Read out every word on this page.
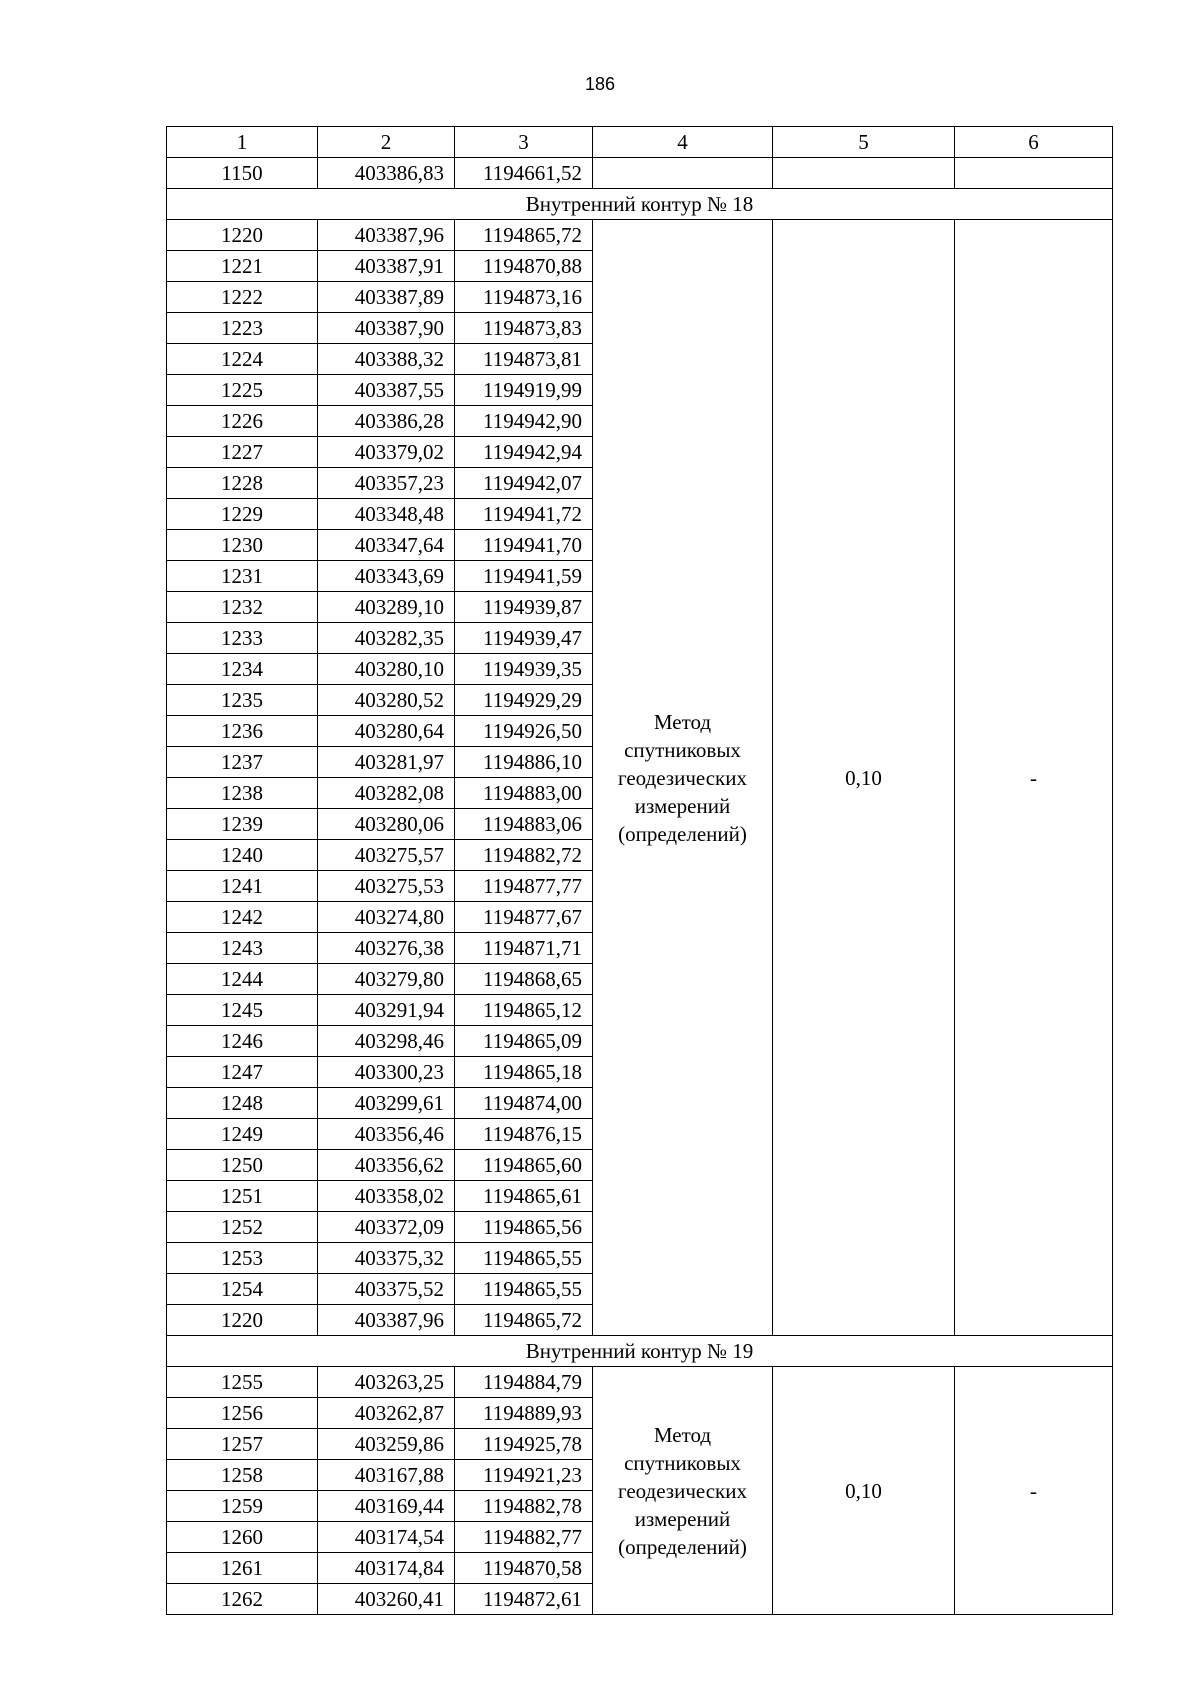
186
1	2	3	4	5	6
1150	403386,83	1194661,52			
Внутренний контур № 18					
1220	403387,96	1194865,72	Метод спутниковых геодезических измерений (определений)	0,10	-
1221	403387,91	1194870,88			
1222	403387,89	1194873,16			
1223	403387,90	1194873,83			
1224	403388,32	1194873,81			
1225	403387,55	1194919,99			
1226	403386,28	1194942,90			
1227	403379,02	1194942,94			
1228	403357,23	1194942,07			
1229	403348,48	1194941,72			
1230	403347,64	1194941,70			
1231	403343,69	1194941,59			
1232	403289,10	1194939,87			
1233	403282,35	1194939,47			
1234	403280,10	1194939,35			
1235	403280,52	1194929,29			
1236	403280,64	1194926,50			
1237	403281,97	1194886,10			
1238	403282,08	1194883,00			
1239	403280,06	1194883,06			
1240	403275,57	1194882,72			
1241	403275,53	1194877,77			
1242	403274,80	1194877,67			
1243	403276,38	1194871,71			
1244	403279,80	1194868,65			
1245	403291,94	1194865,12			
1246	403298,46	1194865,09			
1247	403300,23	1194865,18			
1248	403299,61	1194874,00			
1249	403356,46	1194876,15			
1250	403356,62	1194865,60			
1251	403358,02	1194865,61			
1252	403372,09	1194865,56			
1253	403375,32	1194865,55			
1254	403375,52	1194865,55			
1220	403387,96	1194865,72			
Внутренний контур № 19					
1255	403263,25	1194884,79	Метод спутниковых геодезических измерений (определений)	0,10	-
1256	403262,87	1194889,93			
1257	403259,86	1194925,78			
1258	403167,88	1194921,23			
1259	403169,44	1194882,78			
1260	403174,54	1194882,77			
1261	403174,84	1194870,58			
1262	403260,41	1194872,61			
